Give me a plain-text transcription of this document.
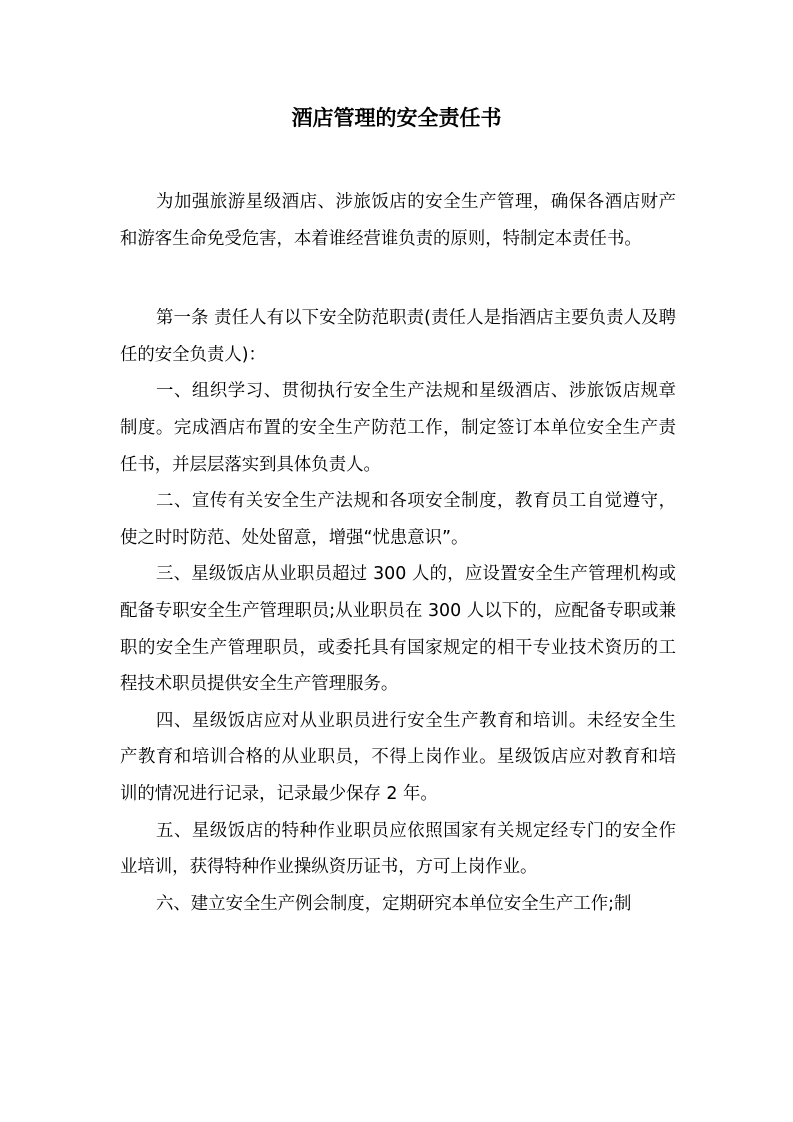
酒店管理的安全责任书

为加强旅游星级酒店、涉旅饭店的安全生产管理，确保各酒店财产和游客生命免受危害，本着谁经营谁负责的原则，特制定本责任书。

第一条 责任人有以下安全防范职责(责任人是指酒店主要负责人及聘任的安全负责人)：

一、组织学习、贯彻执行安全生产法规和星级酒店、涉旅饭店规章制度。完成酒店布置的安全生产防范工作，制定签订本单位安全生产责任书，并层层落实到具体负责人。

二、宣传有关安全生产法规和各项安全制度，教育员工自觉遵守，使之时时防范、处处留意，增强“忧患意识”。

三、星级饭店从业职员超过 300 人的，应设置安全生产管理机构或配备专职安全生产管理职员;从业职员在 300 人以下的，应配备专职或兼职的安全生产管理职员，或委托具有国家规定的相干专业技术资历的工程技术职员提供安全生产管理服务。

四、星级饭店应对从业职员进行安全生产教育和培训。未经安全生产教育和培训合格的从业职员，不得上岗作业。星级饭店应对教育和培训的情况进行记录，记录最少保存 2 年。

五、星级饭店的特种作业职员应依照国家有关规定经专门的安全作业培训，获得特种作业操纵资历证书，方可上岗作业。

六、建立安全生产例会制度，定期研究本单位安全生产工作;制
